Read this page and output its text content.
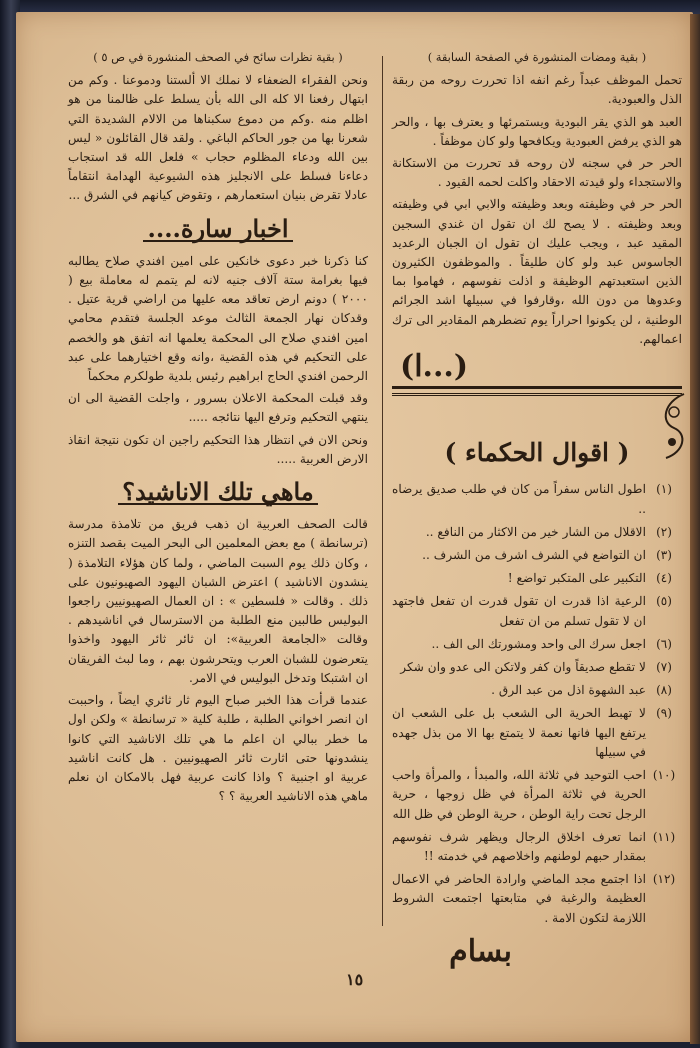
( بقية ومضات المنشورة في الصفحة السابقة )

تحمل الموظف عبداً رغم انفه اذا تحررت روحه من ربقة الذل والعبودية.

العبد هو الذي يقر البودية ويستمرئها و يعترف بها ، والحر هو الذي يرفض العبودية ويكافحها ولو كان موظفاً .

الحر حر في سجنه لان روحه قد تحررت من الاستكانة والاستجداء ولو قيدته الاحقاد واكلت لحمه القيود .

الحر حر في وظيفته وبعد وظيفته والابي ابي في وظيفته وبعد وظيفته . لا يصح لك ان تقول ان غندي السجين المقيد عبد ، ويجب عليك ان تقول ان الجبان الرعديد الجاسوس عبد ولو كان طليقاً . والموظفون الكثيرون الذين استعبدتهم الوظيفة و اذلت نفوسهم ، فهاموا بما وعدوها من دون الله ،وقارفوا في سبيلها اشد الجرائم الوطنية ، لن يكونوا احراراً يوم تضطرهم المقادير الى ترك اعمالهم.

(ا...)
( اقوال الحكماء )
(١)
اطول الناس سفراً من كان في طلب صديق يرضاه ..
(٢)
الاقلال من الشار خير من الاكثار من النافع ..
(٣)
ان التواضع في الشرف اشرف من الشرف ..
(٤)
التكبير على المتكبر تواضع !
(٥)
الرعية اذا قدرت ان تقول قدرت ان تفعل فاجتهد ان لا تقول تسلم من ان تفعل
(٦)
اجعل سرك الى واحد ومشورتك الى الف ..
(٧)
لا تقطع صديقاً وان كفر ولاتكن الى عدو وان شكر
(٨)
عبد الشهوة اذل من عبد الرق .
(٩)
لا تهبط الحرية الى الشعب بل على الشعب ان يرتفع اليها فانها نعمة لا يتمتع بها الا من بذل جهده في سبيلها
(١٠)
احب التوحيد في ثلاثة الله، والمبدأ ، والمرأة واحب الحرية في ثلاثة المرأة في ظل زوجها ، حرية الرجل تحت راية الوطن ، حرية الوطن في ظل الله
(١١)
انما تعرف اخلاق الرجال ويظهر شرف نفوسهم بمقدار حبهم لوطنهم واخلاصهم في خدمته !!
(١٢)
اذا اجتمع مجد الماضي وارادة الحاضر في الاعمال العظيمة والرغبة في متابعتها اجتمعت الشروط اللازمة لتكون الامة .
بسام
( بقية نظرات سائح في الصحف المنشورة في ص ٥ )

ونحن الفقراء الضعفاء لا نملك الا ألستنا ودموعنا . وكم من ابتهال رفعنا الا كله الى الله بأن يسلط على ظالمنا من هو اظلم منه .وكم من دموع سكبناها من الالام الشديدة التي شعرنا بها من جور الحاكم الباغي . ولقد قال القائلون « ليس بين الله ودعاء المظلوم حجاب » فلعل الله قد استجاب دعاءنا فسلط على الانجليز هذه الشيوعية الهدامة انتقاماً عادلا تقرض بنيان استعمارهم ، وتقوض كيانهم في الشرق ...

اخبار سارة....

كنا ذكرنا خبر دعوى خانكين على امين افندي صلاح يطالبه فيها بغرامة ستة آلاف جنيه لانه لم يتمم له معاملة بيع ( ٢٠٠٠ ) دونم ارض تعاقد معه عليها من اراضي قرية عتيل . وقدكان نهار الجمعة الثالث موعد الجلسة فتقدم محامي امين افندي صلاح الى المحكمة يعلمها انه اتفق هو والخصم على التحكيم في هذه القضية ،وانه وقع اختيارهما على عبد الرحمن افندي الحاج ابراهيم رئيس بلدية طولكرم محكماً

وقد قبلت المحكمة الاعلان بسرور ، واجلت القضية الى ان ينتهي التحكيم وترفع اليها نتائجه .....

ونحن الان في انتظار هذا التحكيم راجين ان تكون نتيجة انقاذ الارض العربية .....

ماهي تلك الاناشيد؟

قالت الصحف العربية ان ذهب فريق من تلامذة مدرسة (ترسانطة ) مع بعض المعلمين الى البحر الميت بقصد التنزه ، وكان ذلك يوم السبت الماضي ، ولما كان هؤلاء التلامذة ( ينشدون الاناشيد ) اعترض الشبان اليهود الصهيونيون على ذلك . وقالت « فلسطين » : ان العمال الصهيونيين راجعوا البوليس طالبين منع الطلبة من الاسترسال في اناشيدهم . وقالت «الجامعة العربية»: ان ثائر ثائر اليهود واخذوا يتعرضون للشبان العرب ويتحرشون بهم ، وما لبث الفريقان ان اشتبكا وتدخل البوليس في الامر.

عندما قرأت هذا الخبر صباح اليوم ثار ثائري ايضاً ، واحببت ان انصر اخواني الطلبة ، طلبة كلية « ترسانطة » ولكن اول ما خطر ببالي ان اعلم ما هي تلك الاناشيد التي كانوا ينشدونها حتى اثارت ثائر الصهيونيين . هل كانت اناشيد عربية او اجنبية ؟ واذا كانت عربية فهل بالامكان ان نعلم ماهي هذه الاناشيد العربية ؟ ؟

١٥
